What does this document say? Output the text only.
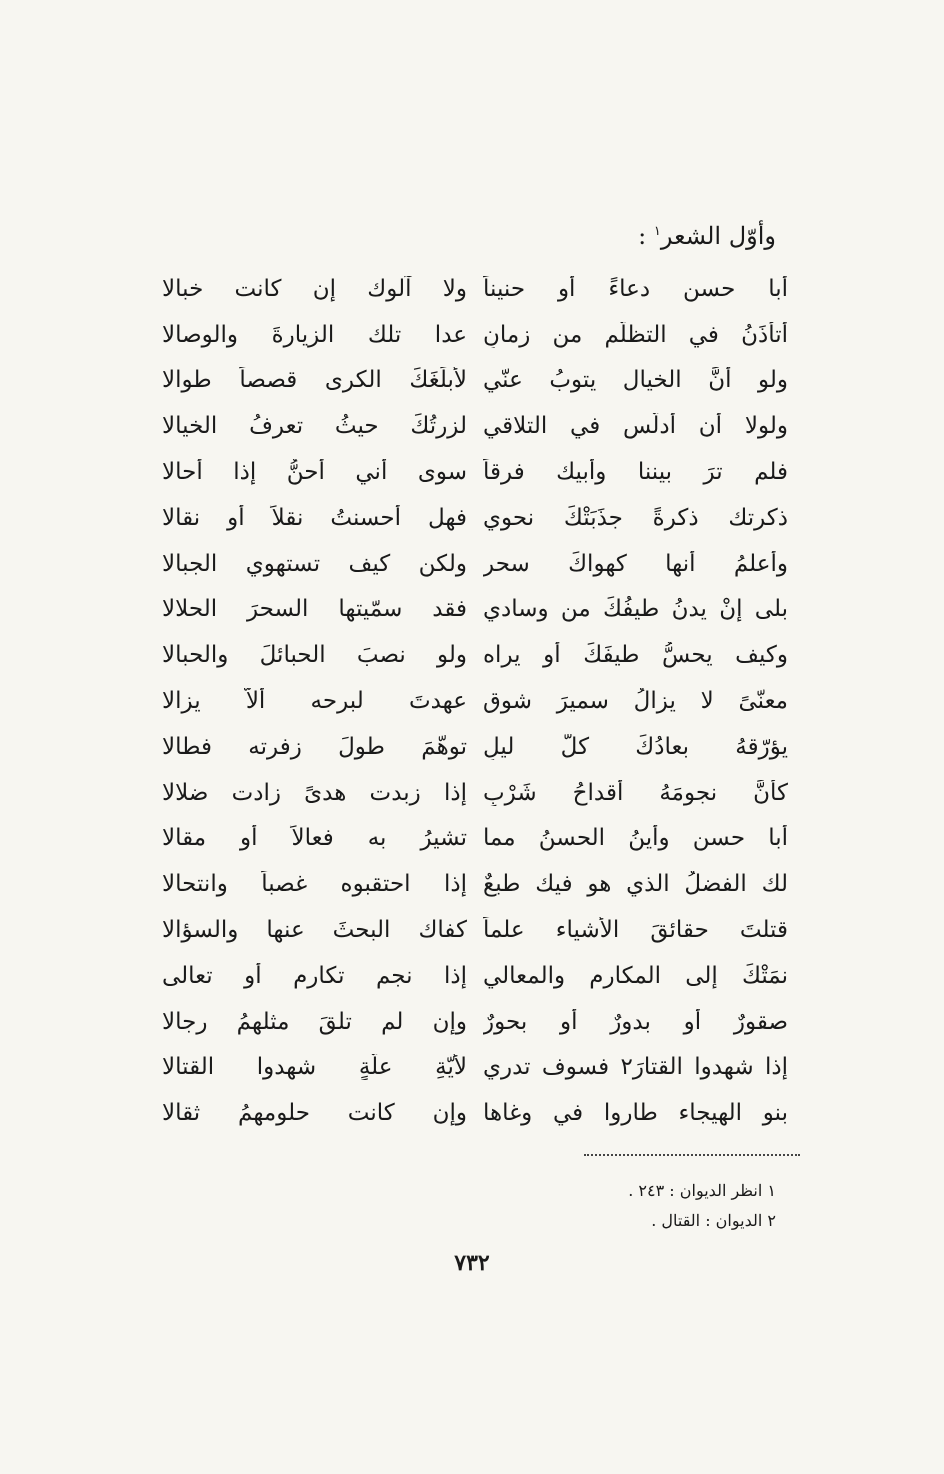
وأوّل الشعر$^١$ :
أبا حسنٍ دعاءً أو حنيناً
ولا آلوك إن كانت خبالا
أتأذَنُ في التظلّمِ من زمانٍ
عدا تلك الزيارةَ والوصالا
ولو أنَّ الخيال يتوبُ عنّي
لأبلَغَكَ الكرى قصصاً طوالا
ولولا أن أدلّس في التلاقي
لزرتُكَ حيثُ تعرفُ الخيالا
فلم ترَ بيننا وأبيك فرقاً
سوى أني أحنُّ إذا أحالا
ذكرتك ذكرةً جذَبَتْكَ نحوي
فهل أحسنتُ نقلاً أو نقالا
وأعلمُ أنها كهواكَ سحر
ولكن كيف تستهوي الجبالا
بلى إنْ يدنُ طيفُكَ من وسادي
فقد سمّيتها السحرَ الحلالا
وكيف يحسُّ طيفَكَ أو يراه
ولو نصبَ الحبائلَ والحبالا
معنّىً لا يزالُ سميرَ شوقٍ
عهدتَ لبرحه ألاّ يزالا
يؤرّقهُ بعادُكَ كلَّ ليلٍ
توهّمَ طولَ زفرته فطالا
كأنَّ نجومَهُ أقداحُ شَرْبٍ
إذا زبدت هدىً زادت ضلالا
أبا حسن وأينُ الحسنُ مما
تشيرُ به فعالاً أو مقالا
لك الفضلُ الذي هو فيك طبعٌ
إذا احتقبوه غصباً وانتحالا
قتلتَ حقائقَ الأشياء علماً
كفاك البحثَ عنها والسؤالا
نمَتْكَ إلى المكارمِ والمعالي
إذا نجم تكارم أو تعالى
صقورٌ أو بدورٌ أو بحورٌ
وإن لم تلقَ مثلهمُ رجالا
إذا شهدوا القتارَ٢ فسوف تدري
لأيّةِ علّةٍ شهدوا القتالا
بنو الهيجاء طاروا في وغاها
وإن كانت حلومهمُ ثقالا
١ انظر الديوان : ٢٤٣ .
٢ الديوان : القتال .
٧٣٢
